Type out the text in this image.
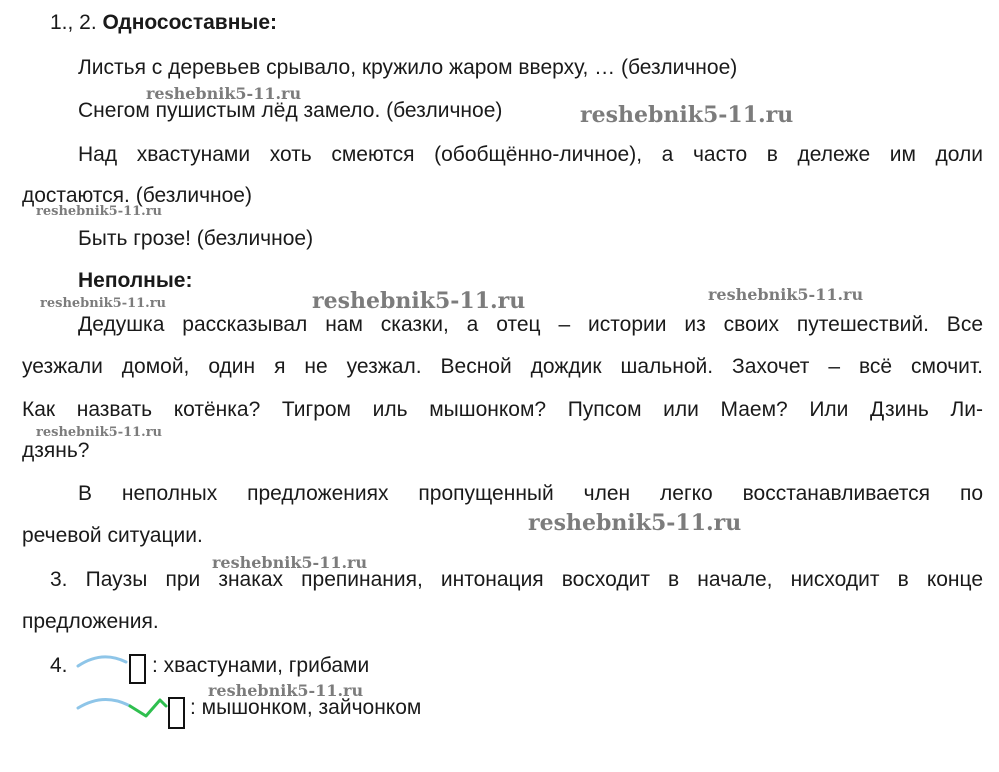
1., 2. Односоставные:
Листья с деревьев срывало, кружило жаром вверху, … (безличное)
Снегом пушистым лёд замело. (безличное)
Над хвастунами хоть смеются (обобщённо-личное), а часто в дележе им доли
достаются. (безличное)
Быть грозе! (безличное)
Неполные:
Дедушка рассказывал нам сказки, а отец – истории из своих путешествий. Все
уезжали домой, один я не уезжал. Весной дождик шальной. Захочет – всё смочит.
Как назвать котёнка? Тигром иль мышонком? Пупсом или Маем? Или Дзинь Ли-
дзянь?
В неполных предложениях пропущенный член легко восстанавливается по
речевой ситуации.
3. Паузы при знаках препинания, интонация восходит в начале, нисходит в конце
предложения.
4.	: хвастунами, грибами
: мышонком, зайчонком
reshebnik5-11.ru
reshebnik5-11.ru
reshebnik5-11.ru
reshebnik5-11.ru	reshebnik5-11.ru	reshebnik5-11.ru
reshebnik5-11.ru
reshebnik5-11.ru
reshebnik5-11.ru
reshebnik5-11.ru
